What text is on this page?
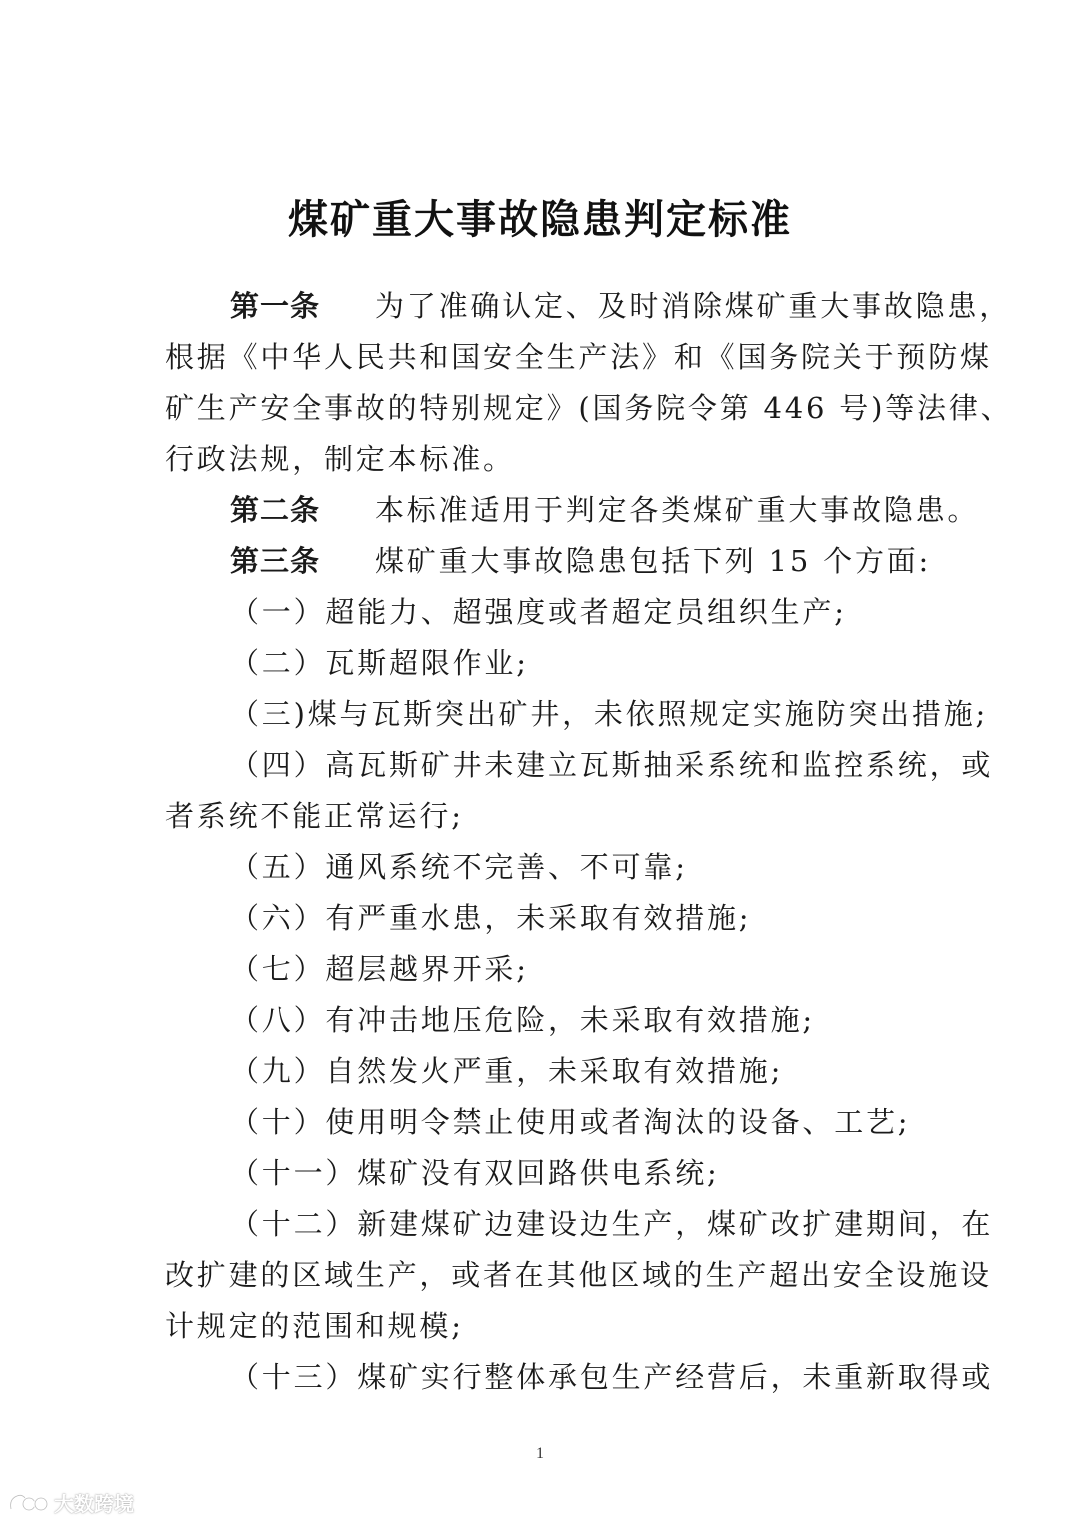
煤矿重大事故隐患判定标准
第一条 为了准确认定、及时消除煤矿重大事故隐患，
根据《中华人民共和国安全生产法》和《国务院关于预防煤
矿生产安全事故的特别规定》(国务院令第 446 号)等法律、
行政法规，制定本标准。
第二条 本标准适用于判定各类煤矿重大事故隐患。
第三条 煤矿重大事故隐患包括下列 15 个方面:
（一）超能力、超强度或者超定员组织生产;
（二）瓦斯超限作业;
（三)煤与瓦斯突出矿井，未依照规定实施防突出措施;
（四）高瓦斯矿井未建立瓦斯抽采系统和监控系统，或
者系统不能正常运行;
（五）通风系统不完善、不可靠;
（六）有严重水患，未采取有效措施;
（七）超层越界开采;
（八）有冲击地压危险，未采取有效措施;
（九）自然发火严重，未采取有效措施;
（十）使用明令禁止使用或者淘汰的设备、工艺;
（十一）煤矿没有双回路供电系统;
（十二）新建煤矿边建设边生产，煤矿改扩建期间，在
改扩建的区域生产，或者在其他区域的生产超出安全设施设
计规定的范围和规模;
（十三）煤矿实行整体承包生产经营后，未重新取得或
1
大数跨境
